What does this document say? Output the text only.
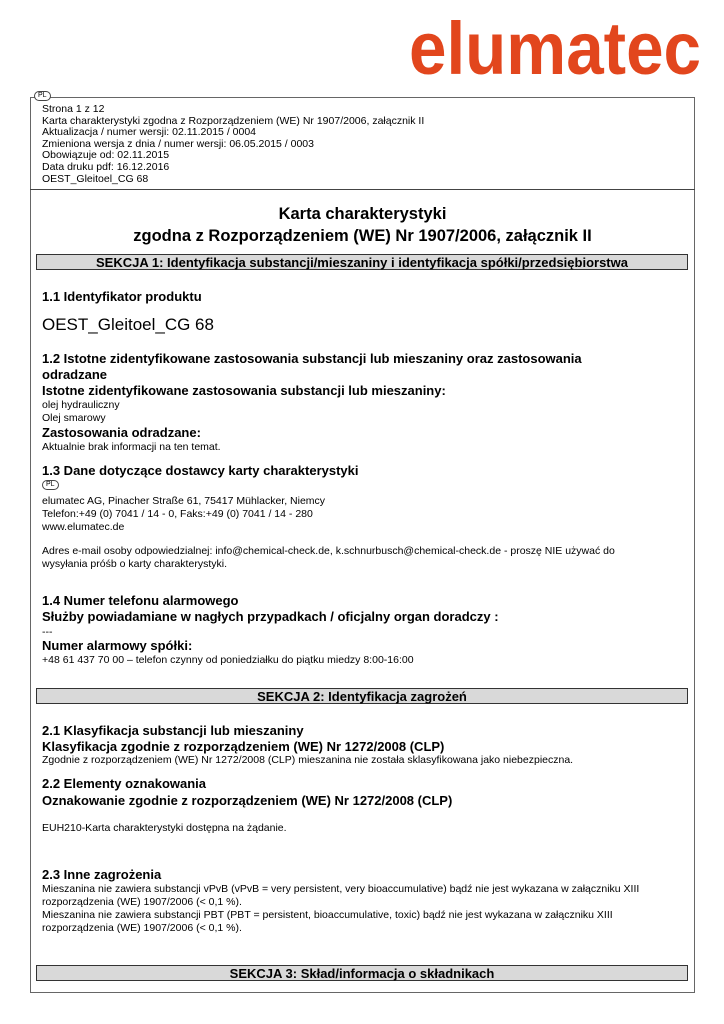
elumatec
PL
Strona 1 z 12
Karta charakterystyki zgodna z Rozporządzeniem (WE) Nr 1907/2006, załącznik II
Aktualizacja / numer wersji: 02.11.2015 / 0004
Zmieniona wersja z dnia / numer wersji: 06.05.2015 / 0003
Obowiązuje od: 02.11.2015
Data druku pdf: 16.12.2016
OEST_Gleitoel_CG 68
Karta charakterystyki
zgodna z Rozporządzeniem (WE) Nr 1907/2006, załącznik II
SEKCJA 1: Identyfikacja substancji/mieszaniny i identyfikacja spółki/przedsiębiorstwa
1.1 Identyfikator produktu
OEST_Gleitoel_CG 68
1.2 Istotne zidentyfikowane zastosowania substancji lub mieszaniny oraz zastosowania
odradzane
Istotne zidentyfikowane zastosowania substancji lub mieszaniny:
olej hydrauliczny
Olej smarowy
Zastosowania odradzane:
Aktualnie brak informacji na ten temat.
1.3 Dane dotyczące dostawcy karty charakterystyki
PL
elumatec AG, Pinacher Straße 61, 75417 Mühlacker, Niemcy
Telefon:+49 (0) 7041 / 14 - 0, Faks:+49 (0) 7041 / 14 - 280
www.elumatec.de
Adres e-mail osoby odpowiedzialnej: info@chemical-check.de, k.schnurbusch@chemical-check.de - proszę NIE używać do
wysyłania próśb o karty charakterystyki.
1.4 Numer telefonu alarmowego
Służby powiadamiane w nagłych przypadkach / oficjalny organ doradczy :
---
Numer alarmowy spółki:
+48 61 437 70 00 – telefon czynny od poniedziałku do piątku miedzy 8:00-16:00
SEKCJA 2: Identyfikacja zagrożeń
2.1 Klasyfikacja substancji lub mieszaniny
Klasyfikacja zgodnie z rozporządzeniem (WE) Nr 1272/2008 (CLP)
Zgodnie z rozporządzeniem (WE) Nr 1272/2008 (CLP) mieszanina nie została sklasyfikowana jako niebezpieczna.
2.2 Elementy oznakowania
Oznakowanie zgodnie z rozporządzeniem (WE) Nr 1272/2008 (CLP)
EUH210-Karta charakterystyki dostępna na żądanie.
2.3 Inne zagrożenia
Mieszanina nie zawiera substancji vPvB (vPvB = very persistent, very bioaccumulative) bądź nie jest wykazana w załączniku XIII
rozporządzenia (WE) 1907/2006 (< 0,1 %).
Mieszanina nie zawiera substancji PBT (PBT = persistent, bioaccumulative, toxic) bądź nie jest wykazana w załączniku XIII
rozporządzenia (WE) 1907/2006 (< 0,1 %).
SEKCJA 3: Skład/informacja o składnikach
